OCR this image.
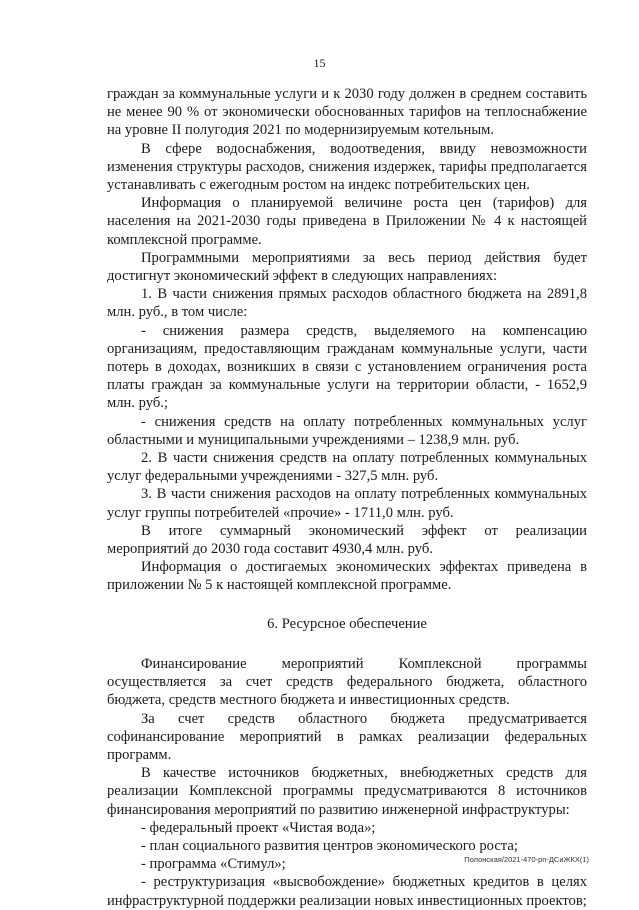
15

граждан за коммунальные услуги и к 2030 году должен в среднем составить не менее 90 % от экономически обоснованных тарифов на теплоснабжение на уровне II полугодия 2021 по модернизируемым котельным.

В сфере водоснабжения, водоотведения, ввиду невозможности изменения структуры расходов, снижения издержек, тарифы предполагается устанавливать с ежегодным ростом на индекс потребительских цен.

Информация о планируемой величине роста цен (тарифов) для населения на 2021-2030 годы приведена в Приложении № 4 к настоящей комплексной программе.

Программными мероприятиями за весь период действия будет достигнут экономический эффект в следующих направлениях:

1. В части снижения прямых расходов областного бюджета на 2891,8 млн. руб., в том числе:

- снижения размера средств, выделяемого на компенсацию организациям, предоставляющим гражданам коммунальные услуги, части потерь в доходах, возникших в связи с установлением ограничения роста платы граждан за коммунальные услуги на территории области, - 1652,9 млн. руб.;

- снижения средств на оплату потребленных коммунальных услуг областными и муниципальными учреждениями – 1238,9 млн. руб.

2. В части снижения средств на оплату потребленных коммунальных услуг федеральными учреждениями - 327,5 млн. руб.

3. В части снижения расходов на оплату потребленных коммунальных услуг группы потребителей «прочие» - 1711,0 млн. руб.

В итоге суммарный экономический эффект от реализации мероприятий до 2030 года составит 4930,4 млн. руб.

Информация о достигаемых экономических эффектах приведена в приложении № 5 к настоящей комплексной программе.

6. Ресурсное обеспечение

Финансирование мероприятий Комплексной программы осуществляется за счет средств федерального бюджета, областного бюджета, средств местного бюджета и инвестиционных средств.

За счет средств областного бюджета предусматривается софинансирование мероприятий в рамках реализации федеральных программ.

В качестве источников бюджетных, внебюджетных средств для реализации Комплексной программы предусматриваются 8 источников финансирования мероприятий по развитию инженерной инфраструктуры:

- федеральный проект «Чистая вода»;

- план социального развития центров экономического роста;

- программа «Стимул»;

- реструктуризация «высвобождение» бюджетных кредитов в целях инфраструктурной поддержки реализации новых инвестиционных проектов;

Полонская/2021-470-рп-ДСиЖКХ(1)
